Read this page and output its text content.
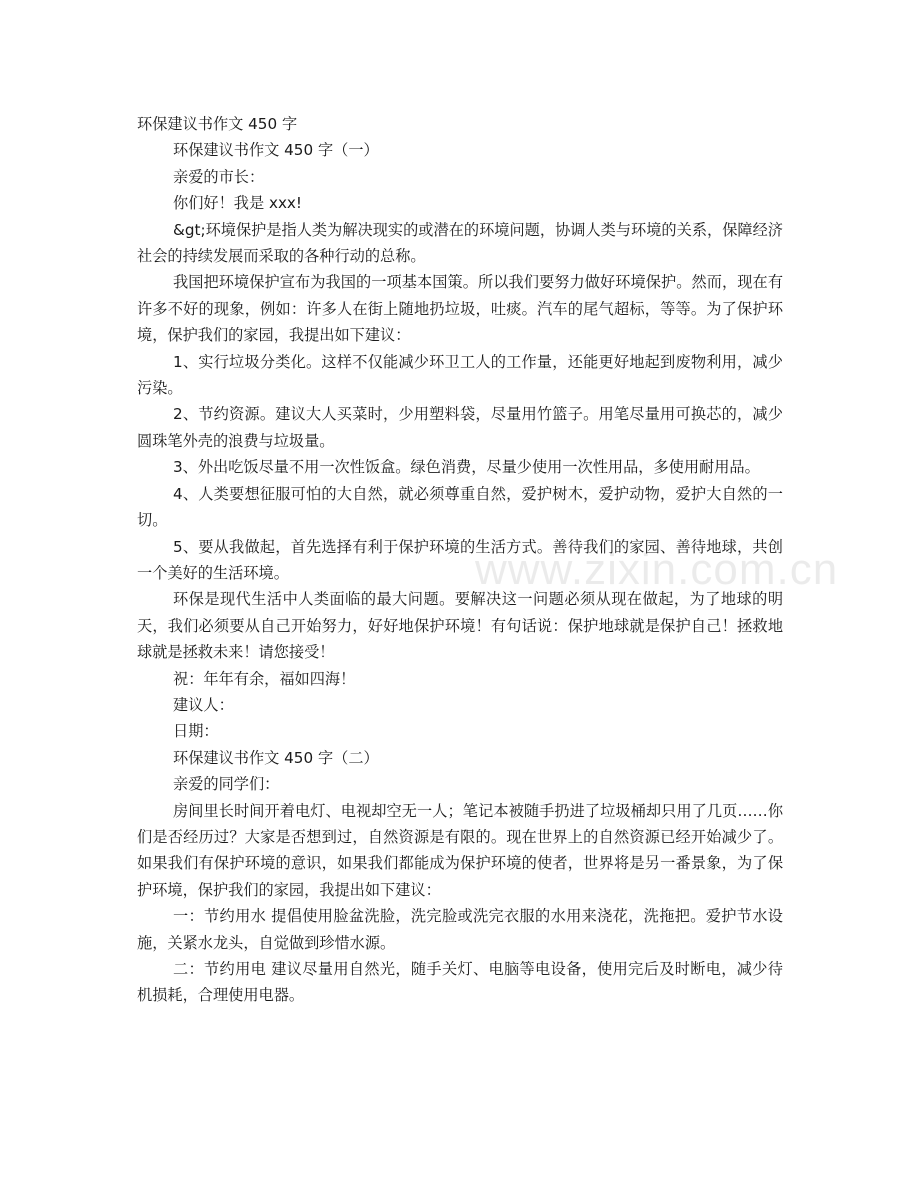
环保建议书作文 450 字

环保建议书作文 450 字（一）

亲爱的市长：

你们好！我是 xxx!

&gt;环境保护是指人类为解决现实的或潜在的环境问题，协调人类与环境的关系，保障经济社会的持续发展而采取的各种行动的总称。

我国把环境保护宣布为我国的一项基本国策。所以我们要努力做好环境保护。然而，现在有许多不好的现象，例如：许多人在街上随地扔垃圾，吐痰。汽车的尾气超标，等等。为了保护环境，保护我们的家园，我提出如下建议：

1、实行垃圾分类化。这样不仅能减少环卫工人的工作量，还能更好地起到废物利用，减少污染。

2、节约资源。建议大人买菜时，少用塑料袋，尽量用竹篮子。用笔尽量用可换芯的，减少圆珠笔外壳的浪费与垃圾量。

3、外出吃饭尽量不用一次性饭盒。绿色消费，尽量少使用一次性用品，多使用耐用品。

4、人类要想征服可怕的大自然，就必须尊重自然，爱护树木，爱护动物，爱护大自然的一切。

5、要从我做起，首先选择有利于保护环境的生活方式。善待我们的家园、善待地球，共创一个美好的生活环境。

环保是现代生活中人类面临的最大问题。要解决这一问题必须从现在做起，为了地球的明天，我们必须要从自己开始努力，好好地保护环境！有句话说：保护地球就是保护自己！拯救地球就是拯救未来！请您接受！

祝：年年有余，福如四海！

建议人：

日期：

环保建议书作文 450 字（二）

亲爱的同学们：

房间里长时间开着电灯、电视却空无一人；笔记本被随手扔进了垃圾桶却只用了几页……你们是否经历过？大家是否想到过，自然资源是有限的。现在世界上的自然资源已经开始减少了。如果我们有保护环境的意识，如果我们都能成为保护环境的使者，世界将是另一番景象，为了保护环境，保护我们的家园，我提出如下建议：

一：节约用水 提倡使用脸盆洗脸，洗完脸或洗完衣服的水用来浇花，洗拖把。爱护节水设施，关紧水龙头，自觉做到珍惜水源。

二：节约用电 建议尽量用自然光，随手关灯、电脑等电设备，使用完后及时断电，减少待机损耗，合理使用电器。

www.zixin.com.cn
